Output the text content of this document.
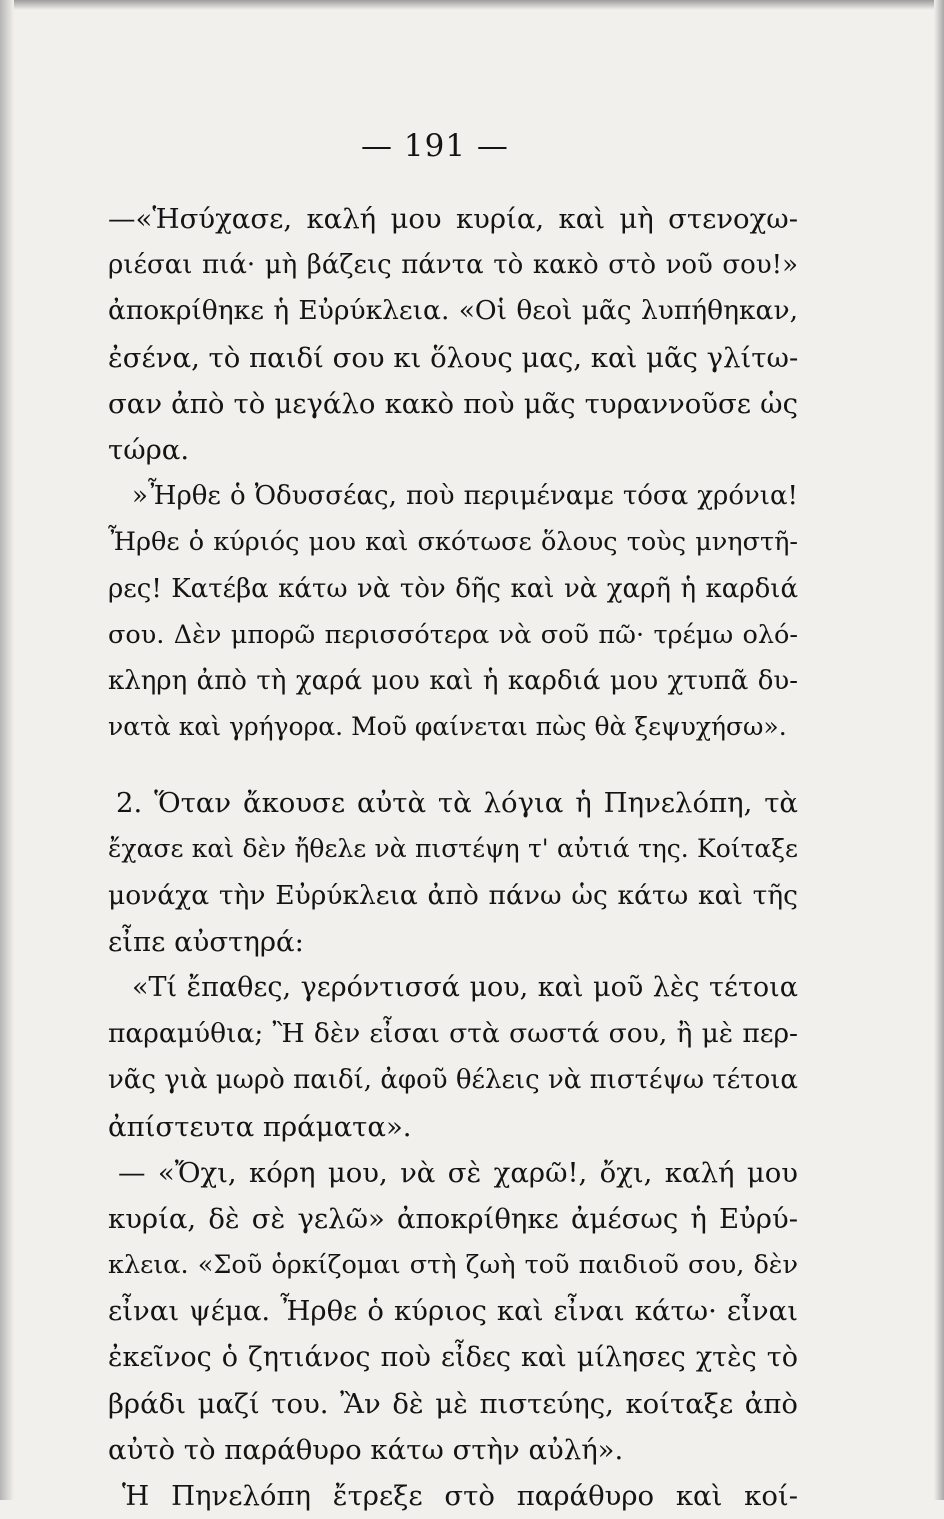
— 191 —
—«Ἡσύχασε, καλή μου κυρία, καὶ μὴ στενοχω-
ριέσαι πιά· μὴ βάζεις πάντα τὸ κακὸ στὸ νοῦ σου!»
ἀποκρίθηκε ἡ Εὐρύκλεια. «Οἱ θεοὶ μᾶς λυπήθηκαν,
ἐσένα, τὸ παιδί σου κι ὅλους μας, καὶ μᾶς γλίτω-
σαν ἀπὸ τὸ μεγάλο κακὸ ποὺ μᾶς τυραννοῦσε ὡς
τώρα.
»Ἦρθε ὁ Ὀδυσσέας, ποὺ περιμέναμε τόσα χρόνια!
Ἦρθε ὁ κύριός μου καὶ σκότωσε ὅλους τοὺς μνηστῆ-
ρες! Κατέβα κάτω νὰ τὸν δῆς καὶ νὰ χαρῆ ἡ καρδιά
σου. Δὲν μπορῶ περισσότερα νὰ σοῦ πῶ· τρέμω ολό-
κληρη ἀπὸ τὴ χαρά μου καὶ ἡ καρδιά μου χτυπᾶ δυ-
νατὰ καὶ γρήγορα. Μοῦ φαίνεται πὼς θὰ ξεψυχήσω».
2. Ὅταν ἄκουσε αὐτὰ τὰ λόγια ἡ Πηνελόπη, τὰ
ἔχασε καὶ δὲν ἤθελε νὰ πιστέψη τ' αὐτιά της. Κοίταξε
μονάχα τὴν Εὐρύκλεια ἀπὸ πάνω ὡς κάτω καὶ τῆς
εἶπε αὐστηρά:
«Τί ἔπαθες, γερόντισσά μου, καὶ μοῦ λὲς τέτοια
παραμύθια; Ἢ δὲν εἶσαι στὰ σωστά σου, ἢ μὲ περ-
νᾶς γιὰ μωρὸ παιδί, ἀφοῦ θέλεις νὰ πιστέψω τέτοια
ἀπίστευτα πράματα».
— «Ὄχι, κόρη μου, νὰ σὲ χαρῶ!, ὄχι, καλή μου
κυρία, δὲ σὲ γελῶ» ἀποκρίθηκε ἀμέσως ἡ Εὐρύ-
κλεια. «Σοῦ ὁρκίζομαι στὴ ζωὴ τοῦ παιδιοῦ σου, δὲν
εἶναι ψέμα. Ἦρθε ὁ κύριος καὶ εἶναι κάτω· εἶναι
ἐκεῖνος ὁ ζητιάνος ποὺ εἶδες καὶ μίλησες χτὲς τὸ
βράδι μαζί του. Ἂν δὲ μὲ πιστεύης, κοίταξε ἀπὸ
αὐτὸ τὸ παράθυρο κάτω στὴν αὐλή».
Ἡ Πηνελόπη ἔτρεξε στὸ παράθυρο καὶ κοί-
